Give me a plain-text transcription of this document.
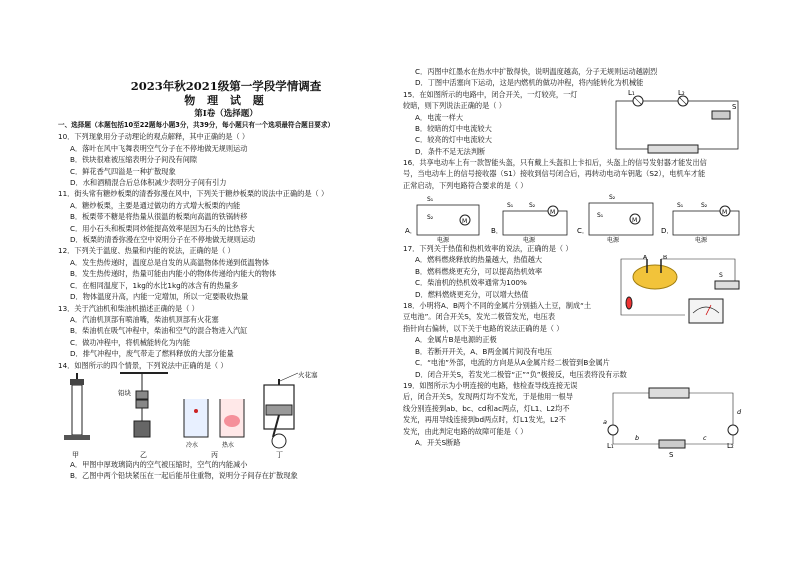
2023年秋2021级第一学段学情调查
物 理 试 题
第Ⅰ卷（选择题）

一、选择题（本题包括10至22题每小题3分，共39分，每小题只有一个选项最符合题目要求）

10．下列现象用分子动理论的观点解释，其中正确的是（ ）

A．落叶在风中飞舞表明空气分子在不停地做无规则运动

B．铁块很难被压缩表明分子间没有间隙

C．鲜花香气四溢是一种扩散现象

D．水和酒精混合后总体积减少表明分子间有引力

11．街头常有糖炒板栗的清香弥漫在风中，下列关于糖炒板栗的说法中正确的是（ ）

A．糖炒板栗，主要是通过做功的方式增大板栗的内能

B．板栗带不糖是将热量从很温的板栗向高温的铁锅转移

C．用小石头和板栗同炒能提高效率是因为石头的比热容大

D．板栗的清香弥漫在空中说明分子在不停地做无规则运动

12．下列关于温度、热量和内能的说法，正确的是（ ）

A．发生热传递时，温度总是自发的从高温物体传递到低温物体

B．发生热传递时，热量可能由内能小的物体传递给内能大的物体

C．在相同温度下，1kg的水比1kg的冰含有的热量多

D．物体温度升高，内能一定增加，所以一定要吸收热量

13．关于汽油机和柴油机描述正确的是（ ）

A．汽油机顶部有喷油嘴，柴油机顶部有火花塞

B．柴油机在吸气冲程中，柴油和空气的混合物进入汽缸

C．做功冲程中，将机械能转化为内能

D．排气冲程中，废气带走了燃料释放的大部分能量

14．如图所示的四个情景，下列说法中正确的是（ ）

甲
铅块
乙
冷水	热水
丙
火花塞
丁

A．甲图中厚玻璃筒内的空气被压缩时，空气的内能减小

B．乙图中两个铅块紧压在一起后能吊住重物，说明分子间存在扩散现象

C．丙图中红墨水在热水中扩散得快，说明温度越高，分子无规则运动越剧烈

D．丁图中活塞向下运动，这是内燃机的做功冲程，将内能转化为机械能

15．在如图所示的电路中，闭合开关，一灯较亮，一灯

较暗，则下列说法正确的是（ ）

A．电流一样大

B．较暗的灯中电流较大

C．较亮的灯中电流较大

D．条件不足无法判断

L₁	L₂
S

16．共享电动车上有一款智能头盔，只有戴上头盔扣上卡扣后，头盔上的信号发射器才能发出信

号，当电动车上的信号接收器（S1）接收到信号闭合后，再转动电动车钥匙（S2），电机车才能

正常启动，下列电路符合要求的是（ ）

A．
M
S₁
S₂
电源
B．
M
S₁	S₂
电源
C．
M
S₂
S₁
电源
D．
M
S₁	S₂
电源

17．下列关于热值和热机效率的说法，正确的是（ ）

A．燃料燃烧释放的热量越大，热值越大

B．燃料燃烧更充分，可以提高热机效率

C．柴油机的热机效率通常为100%

D．燃料燃烧更充分，可以增大热值

18．小明将A、B两个不同的金属片分别插入土豆，制成“土

豆电池”。闭合开关S，发光二极管发光，电压表

指针向右偏转，以下关于电路的说法正确的是（ ）

A．金属片B是电源的正极

B．若断开开关，A、B两金属片间没有电压

C．“电池”外部，电流的方向是从A金属片经二极管到B金属片

D．闭合开关S，若发光二极管“正”“负”极接反，电压表将没有示数

A	B
S

19．如图所示为小明连接的电路，他检查导线连接无误

后，闭合开关S，发现两灯均不发光，于是他用一根导

线分别连接到ab、bc、cd和ac两点，灯L1、L2均不

发光，再用导线连接到bd两点时，灯L1发光，L2不

发光，由此判定电路的故障可能是（ ）

A．开关S断路

a
b	c
d
L₁	L₂
S
